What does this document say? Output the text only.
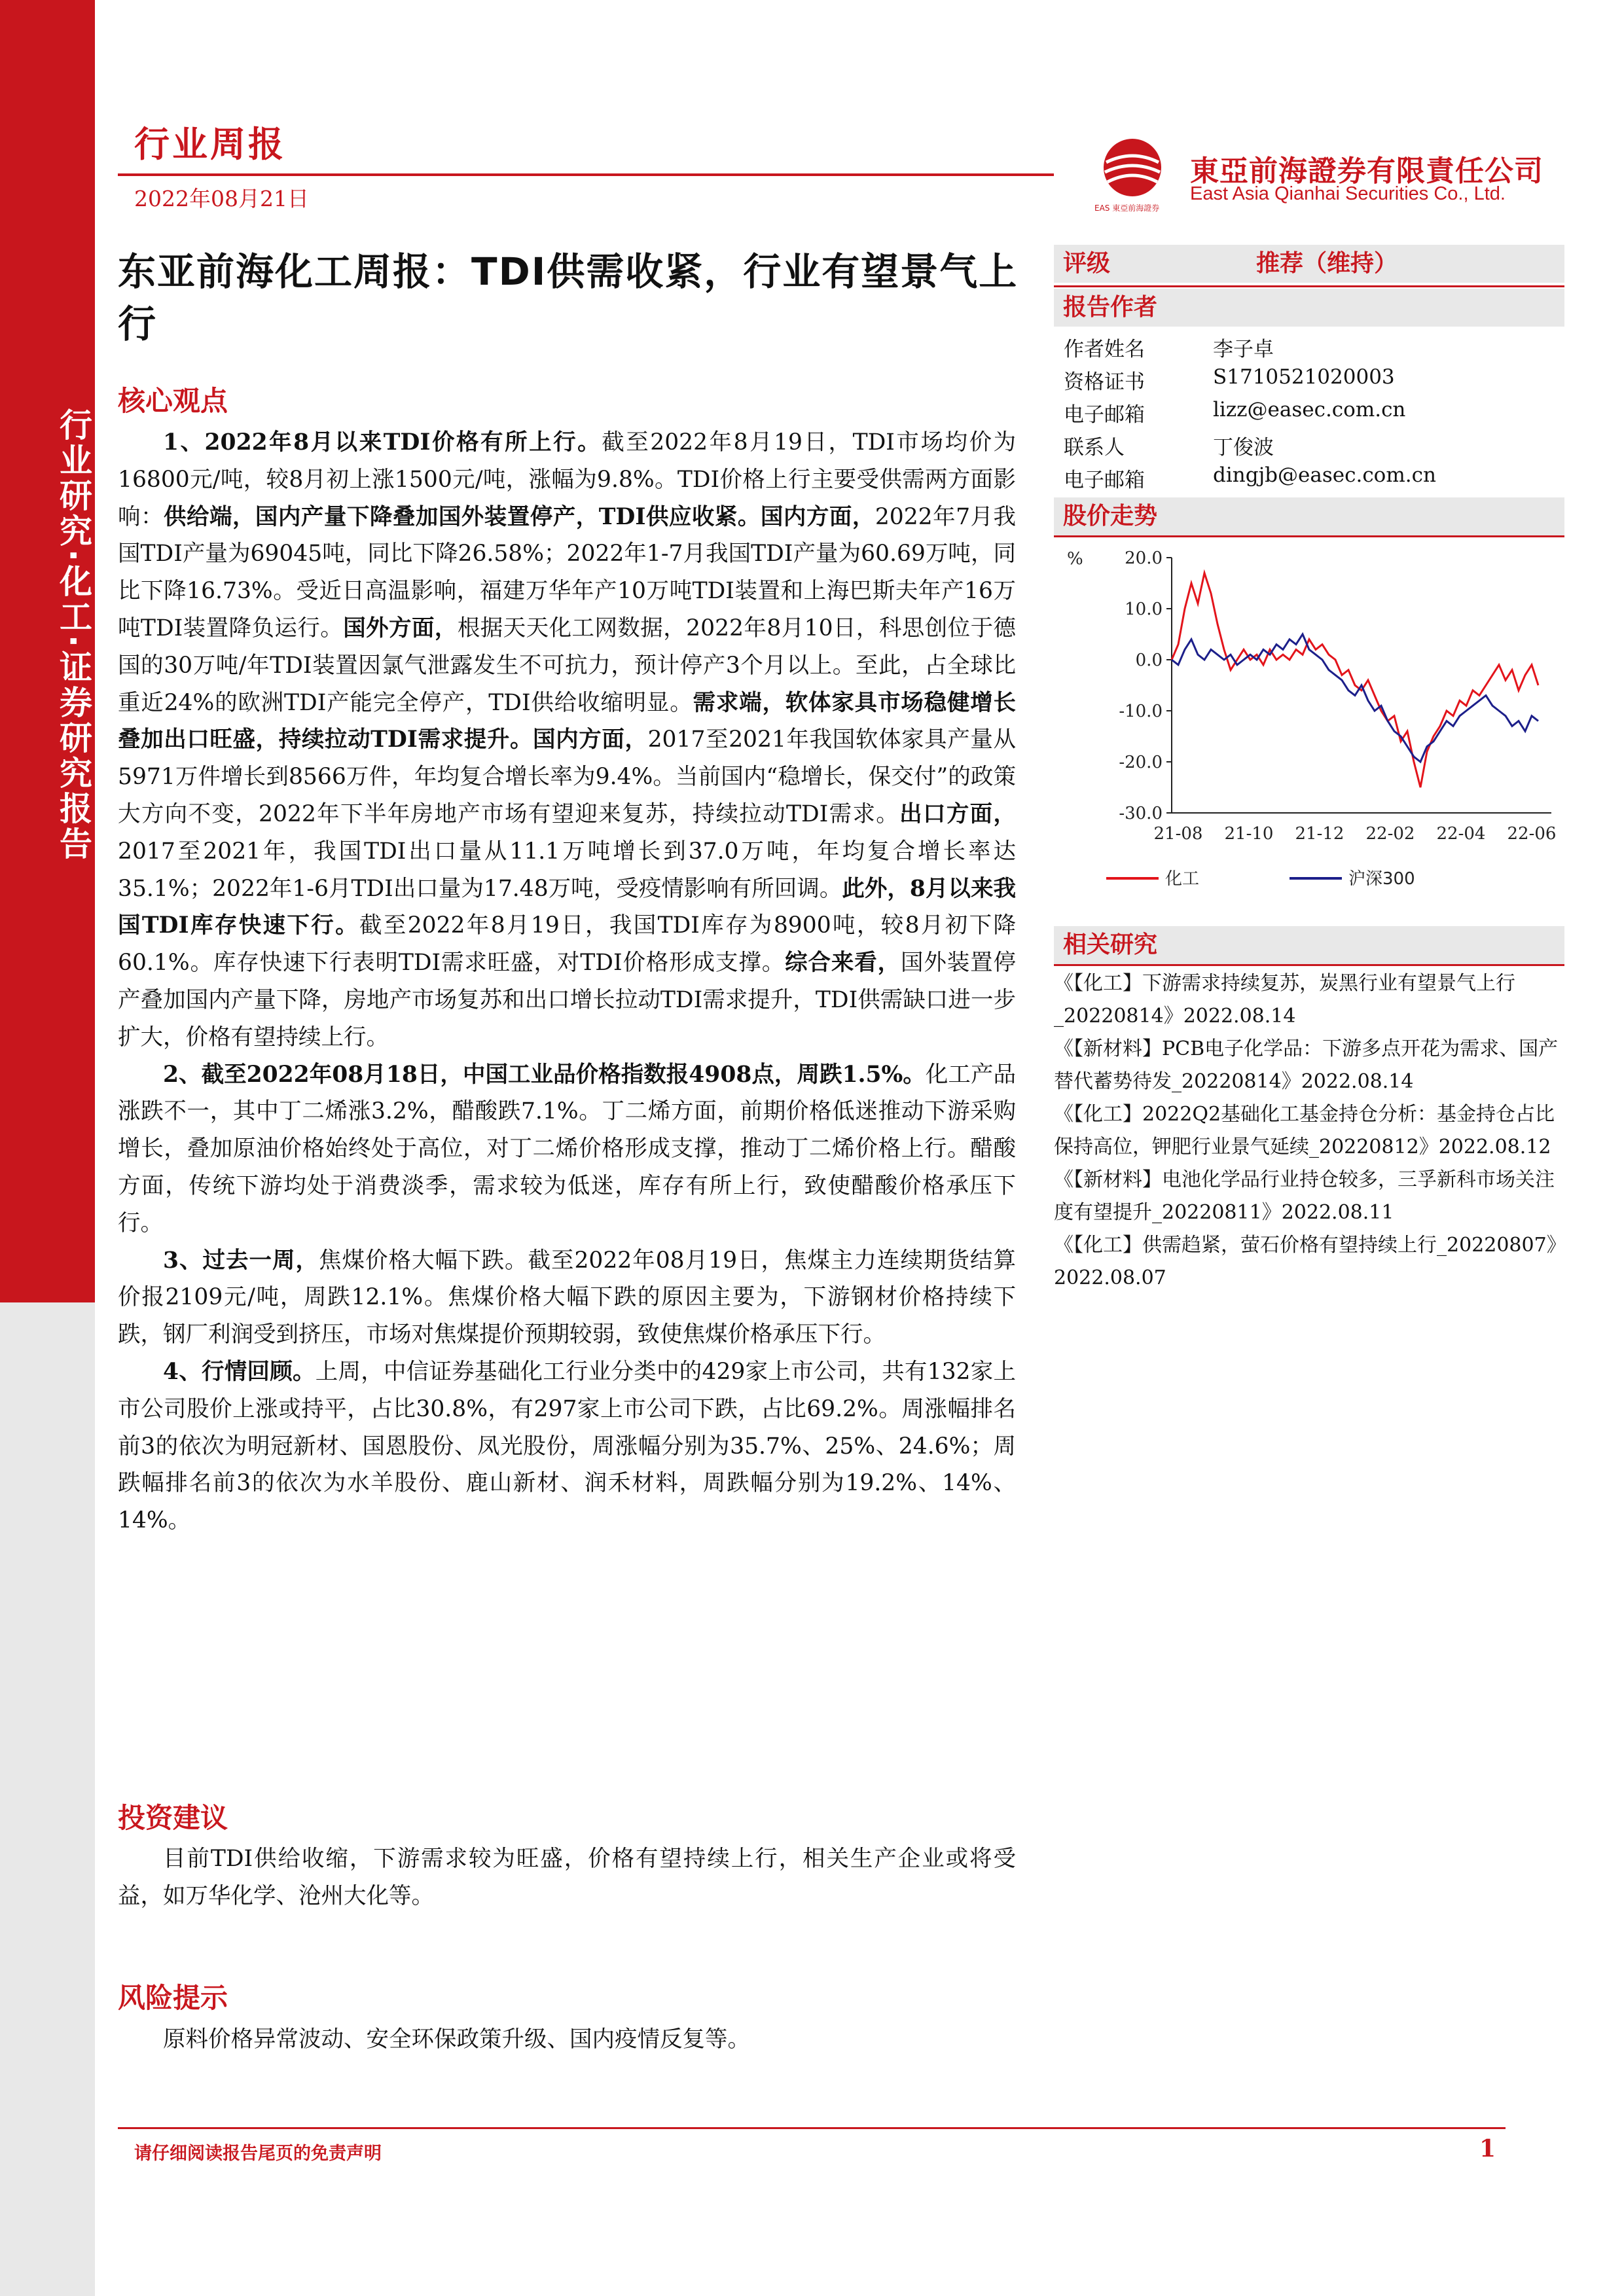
行业研究·化工·证券研究报告
行业周报
2022年08月21日	EAS 東亞前海證券
東亞前海證券有限責任公司
East Asia Qianhai Securities Co., Ltd.
东亚前海化工周报：TDI供需收紧，行业有望景气上行
核心观点

1、2022年8月以来TDI价格有所上行。截至2022年8月19日，TDI市场均价为16800元/吨，较8月初上涨1500元/吨，涨幅为9.8%。TDI价格上行主要受供需两方面影响：供给端，国内产量下降叠加国外装置停产，TDI供应收紧。国内方面，2022年7月我国TDI产量为69045吨，同比下降26.58%；2022年1-7月我国TDI产量为60.69万吨，同比下降16.73%。受近日高温影响，福建万华年产10万吨TDI装置和上海巴斯夫年产16万吨TDI装置降负运行。国外方面，根据天天化工网数据，2022年8月10日，科思创位于德国的30万吨/年TDI装置因氯气泄露发生不可抗力，预计停产3个月以上。至此，占全球比重近24%的欧洲TDI产能完全停产，TDI供给收缩明显。需求端，软体家具市场稳健增长叠加出口旺盛，持续拉动TDI需求提升。国内方面，2017至2021年我国软体家具产量从5971万件增长到8566万件，年均复合增长率为9.4%。当前国内“稳增长，保交付”的政策大方向不变，2022年下半年房地产市场有望迎来复苏，持续拉动TDI需求。出口方面，2017至2021年，我国TDI出口量从11.1万吨增长到37.0万吨，年均复合增长率达35.1%；2022年1-6月TDI出口量为17.48万吨，受疫情影响有所回调。此外，8月以来我国TDI库存快速下行。截至2022年8月19日，我国TDI库存为8900吨，较8月初下降60.1%。库存快速下行表明TDI需求旺盛，对TDI价格形成支撑。综合来看，国外装置停产叠加国内产量下降，房地产市场复苏和出口增长拉动TDI需求提升，TDI供需缺口进一步扩大，价格有望持续上行。

2、截至2022年08月18日，中国工业品价格指数报4908点，周跌1.5%。化工产品涨跌不一，其中丁二烯涨3.2%，醋酸跌7.1%。丁二烯方面，前期价格低迷推动下游采购增长，叠加原油价格始终处于高位，对丁二烯价格形成支撑，推动丁二烯价格上行。醋酸方面，传统下游均处于消费淡季，需求较为低迷，库存有所上行，致使醋酸价格承压下行。

3、过去一周，焦煤价格大幅下跌。截至2022年08月19日，焦煤主力连续期货结算价报2109元/吨，周跌12.1%。焦煤价格大幅下跌的原因主要为，下游钢材价格持续下跌，钢厂利润受到挤压，市场对焦煤提价预期较弱，致使焦煤价格承压下行。

4、行情回顾。上周，中信证券基础化工行业分类中的429家上市公司，共有132家上市公司股价上涨或持平，占比30.8%，有297家上市公司下跌，占比69.2%。周涨幅排名前3的依次为明冠新材、国恩股份、凤光股份，周涨幅分别为35.7%、25%、24.6%；周跌幅排名前3的依次为水羊股份、鹿山新材、润禾材料，周跌幅分别为19.2%、14%、14%。

投资建议

目前TDI供给收缩，下游需求较为旺盛，价格有望持续上行，相关生产企业或将受益，如万华化学、沧州大化等。

风险提示

原料价格异常波动、安全环保政策升级、国内疫情反复等。

评级	推荐（维持）
报告作者
作者姓名	李子卓
资格证书	S1710521020003
电子邮箱	lizz@easec.com.cn
联系人	丁俊波
电子邮箱	dingjb@easec.com.cn
股价走势
% 20.0
10.0
0.0
-10.0
-20.0
-30.0
21-08 21-10 21-12 22-02 22-04 22-06
化工	沪深300
相关研究

《【化工】下游需求持续复苏，炭黑行业有望景气上行_20220814》2022.08.14

《【新材料】PCB电子化学品：下游多点开花为需求、国产替代蓄势待发_20220814》2022.08.14

《【化工】2022Q2基础化工基金持仓分析：基金持仓占比保持高位，钾肥行业景气延续_20220812》2022.08.12

《【新材料】电池化学品行业持仓较多，三孚新科市场关注度有望提升_20220811》2022.08.11

《【化工】供需趋紧，萤石价格有望持续上行_20220807》2022.08.07

请仔细阅读报告尾页的免责声明	1
